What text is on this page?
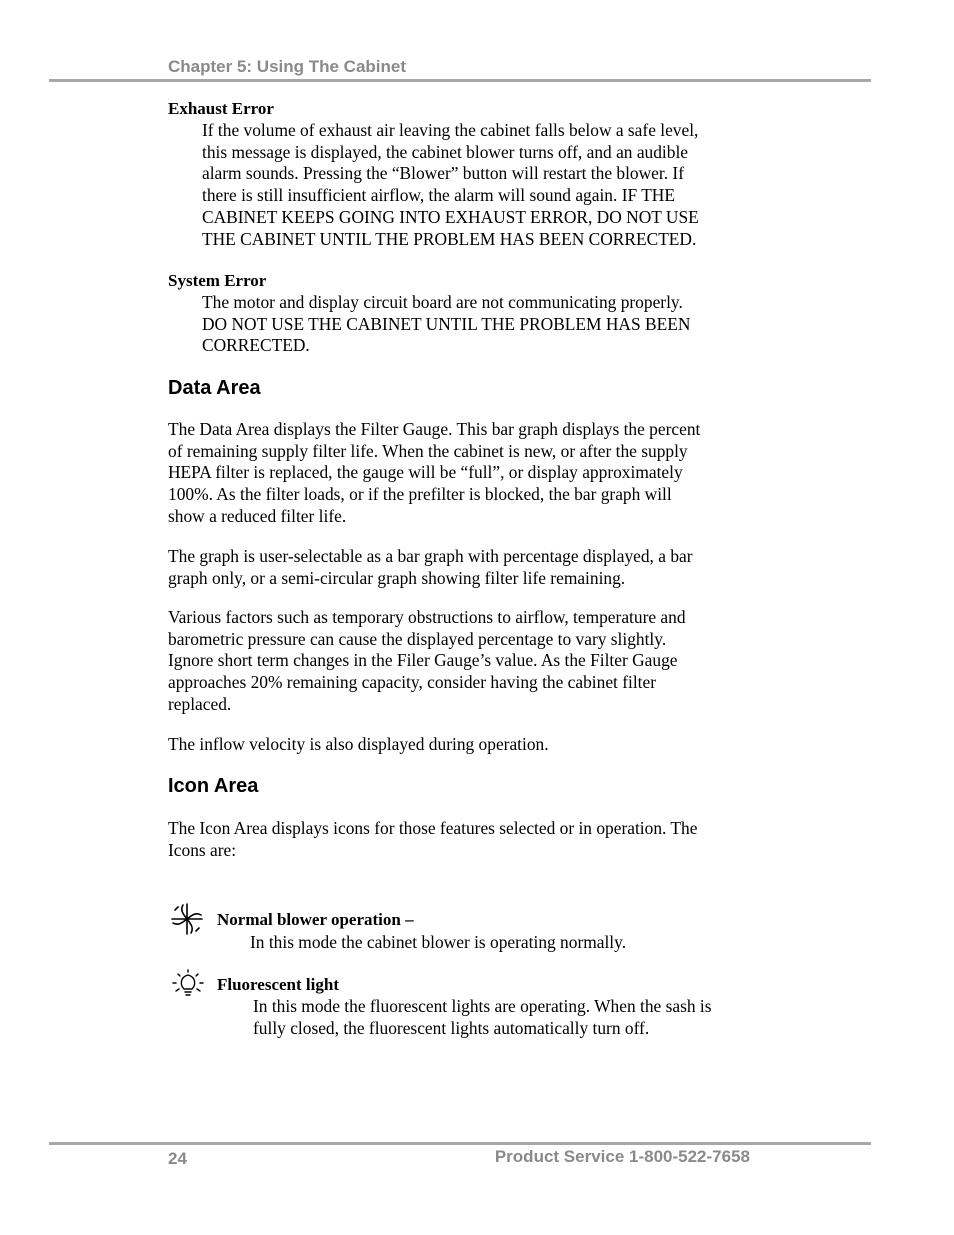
Chapter 5: Using The Cabinet
Exhaust Error
If the volume of exhaust air leaving the cabinet falls below a safe level,
this message is displayed, the cabinet blower turns off, and an audible
alarm sounds. Pressing the “Blower” button will restart the blower. If
there is still insufficient airflow, the alarm will sound again. IF THE
CABINET KEEPS GOING INTO EXHAUST ERROR, DO NOT USE
THE CABINET UNTIL THE PROBLEM HAS BEEN CORRECTED.
System Error
The motor and display circuit board are not communicating properly.
DO NOT USE THE CABINET UNTIL THE PROBLEM HAS BEEN
CORRECTED.
Data Area
The Data Area displays the Filter Gauge. This bar graph displays the percent
of remaining supply filter life. When the cabinet is new, or after the supply
HEPA filter is replaced, the gauge will be “full”, or display approximately
100%. As the filter loads, or if the prefilter is blocked, the bar graph will
show a reduced filter life.
The graph is user-selectable as a bar graph with percentage displayed, a bar
graph only, or a semi-circular graph showing filter life remaining.
Various factors such as temporary obstructions to airflow, temperature and
barometric pressure can cause the displayed percentage to vary slightly.
Ignore short term changes in the Filer Gauge’s value. As the Filter Gauge
approaches 20% remaining capacity, consider having the cabinet filter
replaced.
The inflow velocity is also displayed during operation.
Icon Area
The Icon Area displays icons for those features selected or in operation. The
Icons are:
Normal blower operation –
In this mode the cabinet blower is operating normally.
Fluorescent light
In this mode the fluorescent lights are operating. When the sash is
fully closed, the fluorescent lights automatically turn off.
24	Product Service 1-800-522-7658
